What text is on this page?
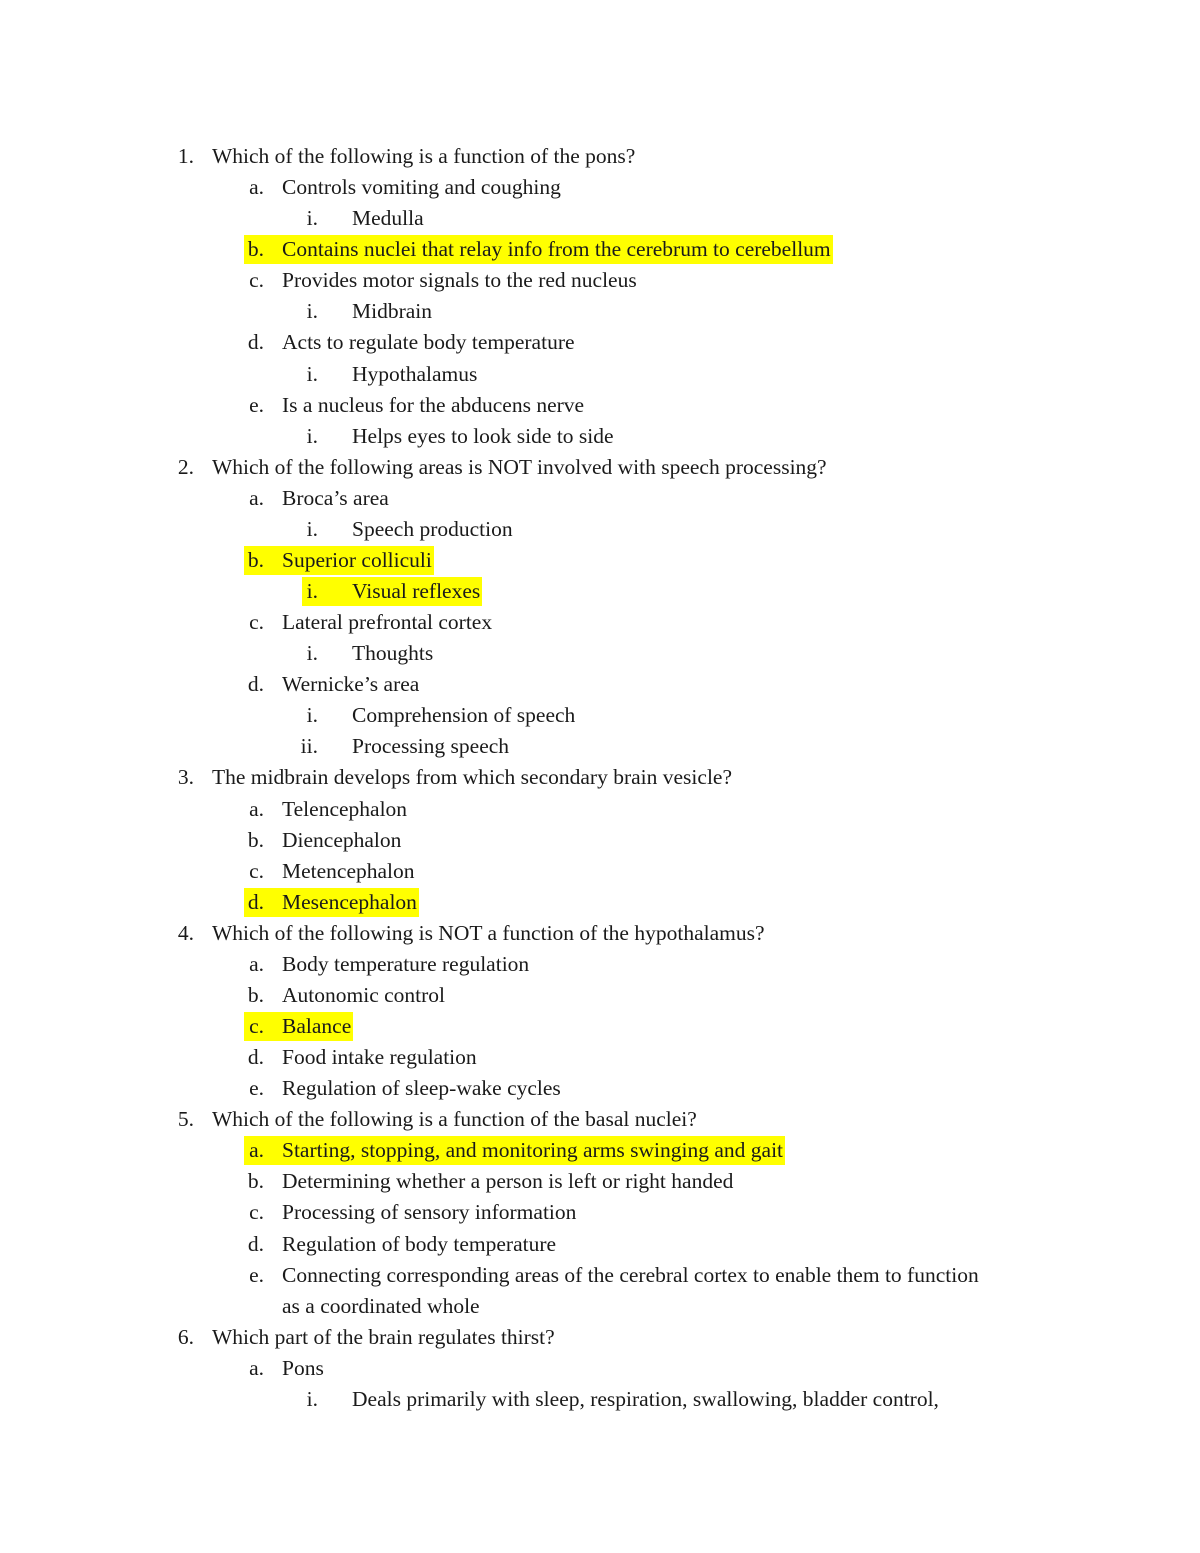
1. Which of the following is a function of the pons?
a. Controls vomiting and coughing
i. Medulla
b. Contains nuclei that relay info from the cerebrum to cerebellum
c. Provides motor signals to the red nucleus
i. Midbrain
d. Acts to regulate body temperature
i. Hypothalamus
e. Is a nucleus for the abducens nerve
i. Helps eyes to look side to side
2. Which of the following areas is NOT involved with speech processing?
a. Broca’s area
i. Speech production
b. Superior colliculi
i. Visual reflexes
c. Lateral prefrontal cortex
i. Thoughts
d. Wernicke’s area
i. Comprehension of speech
ii. Processing speech
3. The midbrain develops from which secondary brain vesicle?
a. Telencephalon
b. Diencephalon
c. Metencephalon
d. Mesencephalon
4. Which of the following is NOT a function of the hypothalamus?
a. Body temperature regulation
b. Autonomic control
c. Balance
d. Food intake regulation
e. Regulation of sleep-wake cycles
5. Which of the following is a function of the basal nuclei?
a. Starting, stopping, and monitoring arms swinging and gait
b. Determining whether a person is left or right handed
c. Processing of sensory information
d. Regulation of body temperature
e. Connecting corresponding areas of the cerebral cortex to enable them to function
as a coordinated whole
6. Which part of the brain regulates thirst?
a. Pons
i. Deals primarily with sleep, respiration, swallowing, bladder control,
